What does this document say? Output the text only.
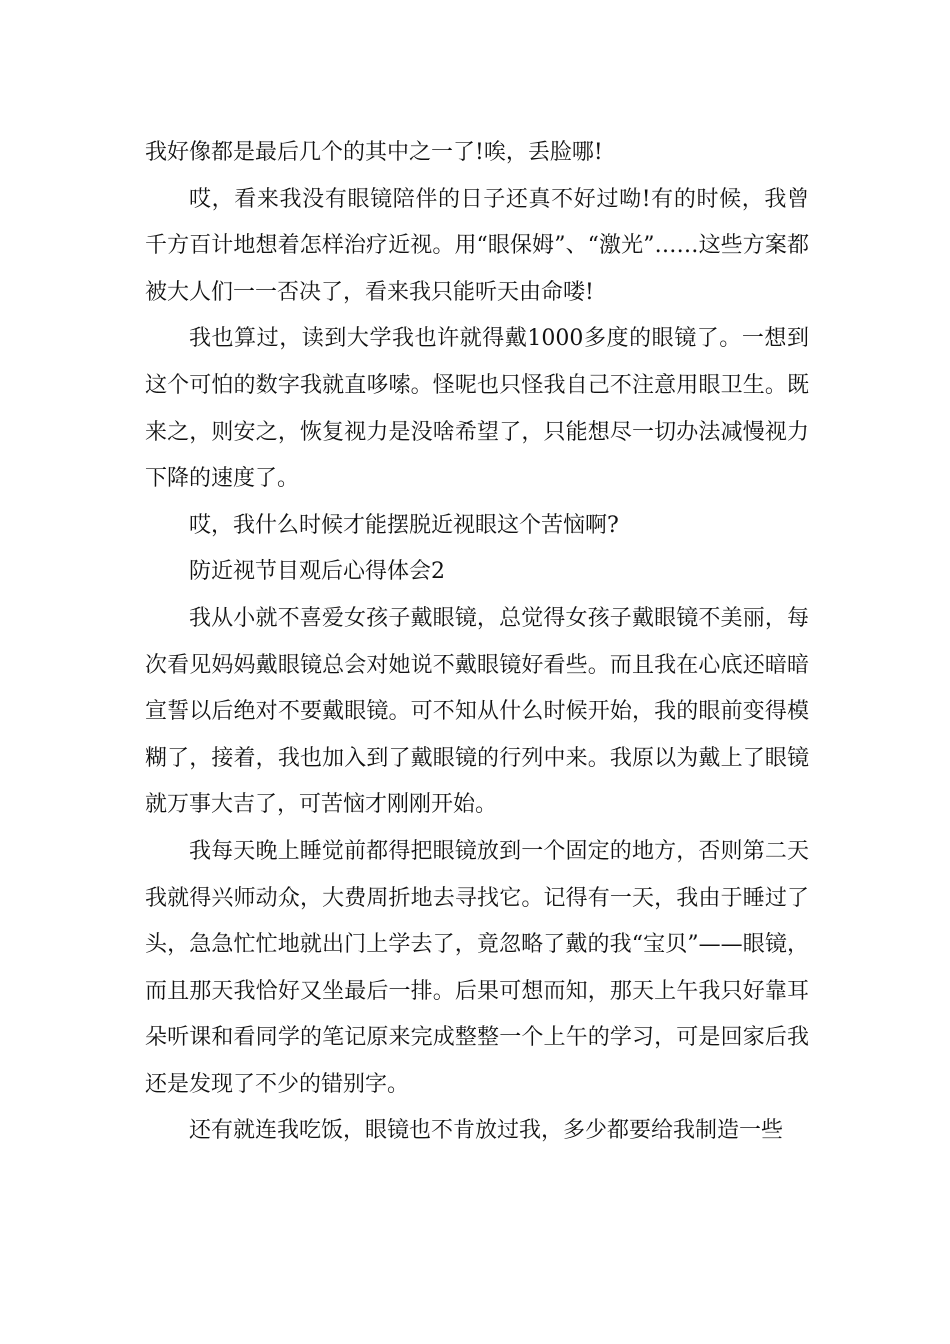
我好像都是最后几个的其中之一了!唉，丢脸哪!

哎，看来我没有眼镜陪伴的日子还真不好过呦!有的时候，我曾千方百计地想着怎样治疗近视。用“眼保姆”、“激光”……这些方案都被大人们一一否决了，看来我只能听天由命喽!

我也算过，读到大学我也许就得戴1000多度的眼镜了。一想到这个可怕的数字我就直哆嗦。怪呢也只怪我自己不注意用眼卫生。既来之，则安之，恢复视力是没啥希望了，只能想尽一切办法减慢视力下降的速度了。

哎，我什么时候才能摆脱近视眼这个苦恼啊?

防近视节目观后心得体会2

我从小就不喜爱女孩子戴眼镜，总觉得女孩子戴眼镜不美丽，每次看见妈妈戴眼镜总会对她说不戴眼镜好看些。而且我在心底还暗暗宣誓以后绝对不要戴眼镜。可不知从什么时候开始，我的眼前变得模糊了，接着，我也加入到了戴眼镜的行列中来。我原以为戴上了眼镜就万事大吉了，可苦恼才刚刚开始。

我每天晚上睡觉前都得把眼镜放到一个固定的地方，否则第二天我就得兴师动众，大费周折地去寻找它。记得有一天，我由于睡过了头，急急忙忙地就出门上学去了，竟忽略了戴的我“宝贝”——眼镜，而且那天我恰好又坐最后一排。后果可想而知，那天上午我只好靠耳朵听课和看同学的笔记原来完成整整一个上午的学习，可是回家后我还是发现了不少的错别字。

还有就连我吃饭，眼镜也不肯放过我，多少都要给我制造一些
